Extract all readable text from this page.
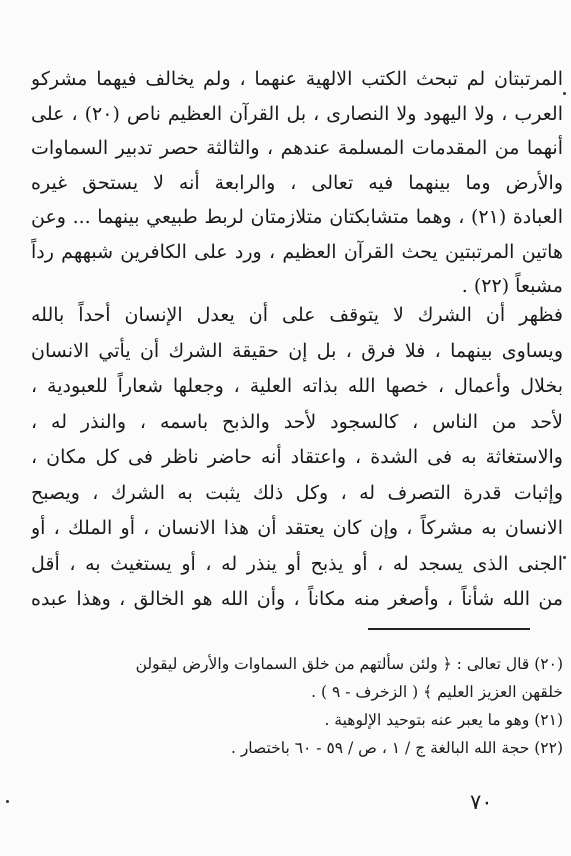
المرتبتان لم تبحث الكتب الالهية عنهما ، ولم يخالف فيهما مشركو
العرب ، ولا اليهود ولا النصارى ، بل القرآن العظيم ناص (٢٠) ، على
أنهما من المقدمات المسلمة عندهم ، والثالثة حصر تدبير السماوات
والأرض وما بينهما فيه تعالى ، والرابعة أنه لا يستحق غيره
العبادة (٢١) ، وهما متشابكتان متلازمتان لربط طبيعي بينهما ... وعن
هاتين المرتبتين يحث القرآن العظيم ، ورد على الكافرين شبههم رداً
مشبعاً (٢٢) .
فظهر أن الشرك لا يتوقف على أن يعدل الإنسان أحداً بالله
ويساوى بينهما ، فلا فرق ، بل إن حقيقة الشرك أن يأتي الانسان
بخلال وأعمال ، خصها الله بذاته العلية ، وجعلها شعاراً للعبودية ،
لأحد من الناس ، كالسجود لأحد والذبح باسمه ، والنذر له ،
والاستغاثة به فى الشدة ، واعتقاد أنه حاضر ناظر فى كل مكان ،
وإثبات قدرة التصرف له ، وكل ذلك يثبت به الشرك ، ويصبح
الانسان به مشركاً ، وإن كان يعتقد أن هذا الانسان ، أو الملك ، أو
الجنى الذى يسجد له ، أو يذبح أو ينذر له ، أو يستغيث به ، أقل
من الله شأناً ، وأصغر منه مكاناً ، وأن الله هو الخالق ، وهذا عبده
(٢٠) قال تعالى : ﴿ ولئن سألتهم من خلق السماوات والأرض ليقولن
خلقهن العزيز العليم ﴾ ( الزخرف - ٩ ) .
(٢١) وهو ما يعبر عنه بتوحيد الإلوهية .
(٢٢) حجة الله البالغة ج / ١ ، ص / ٥٩ - ٦٠ باختصار .
٧٠
